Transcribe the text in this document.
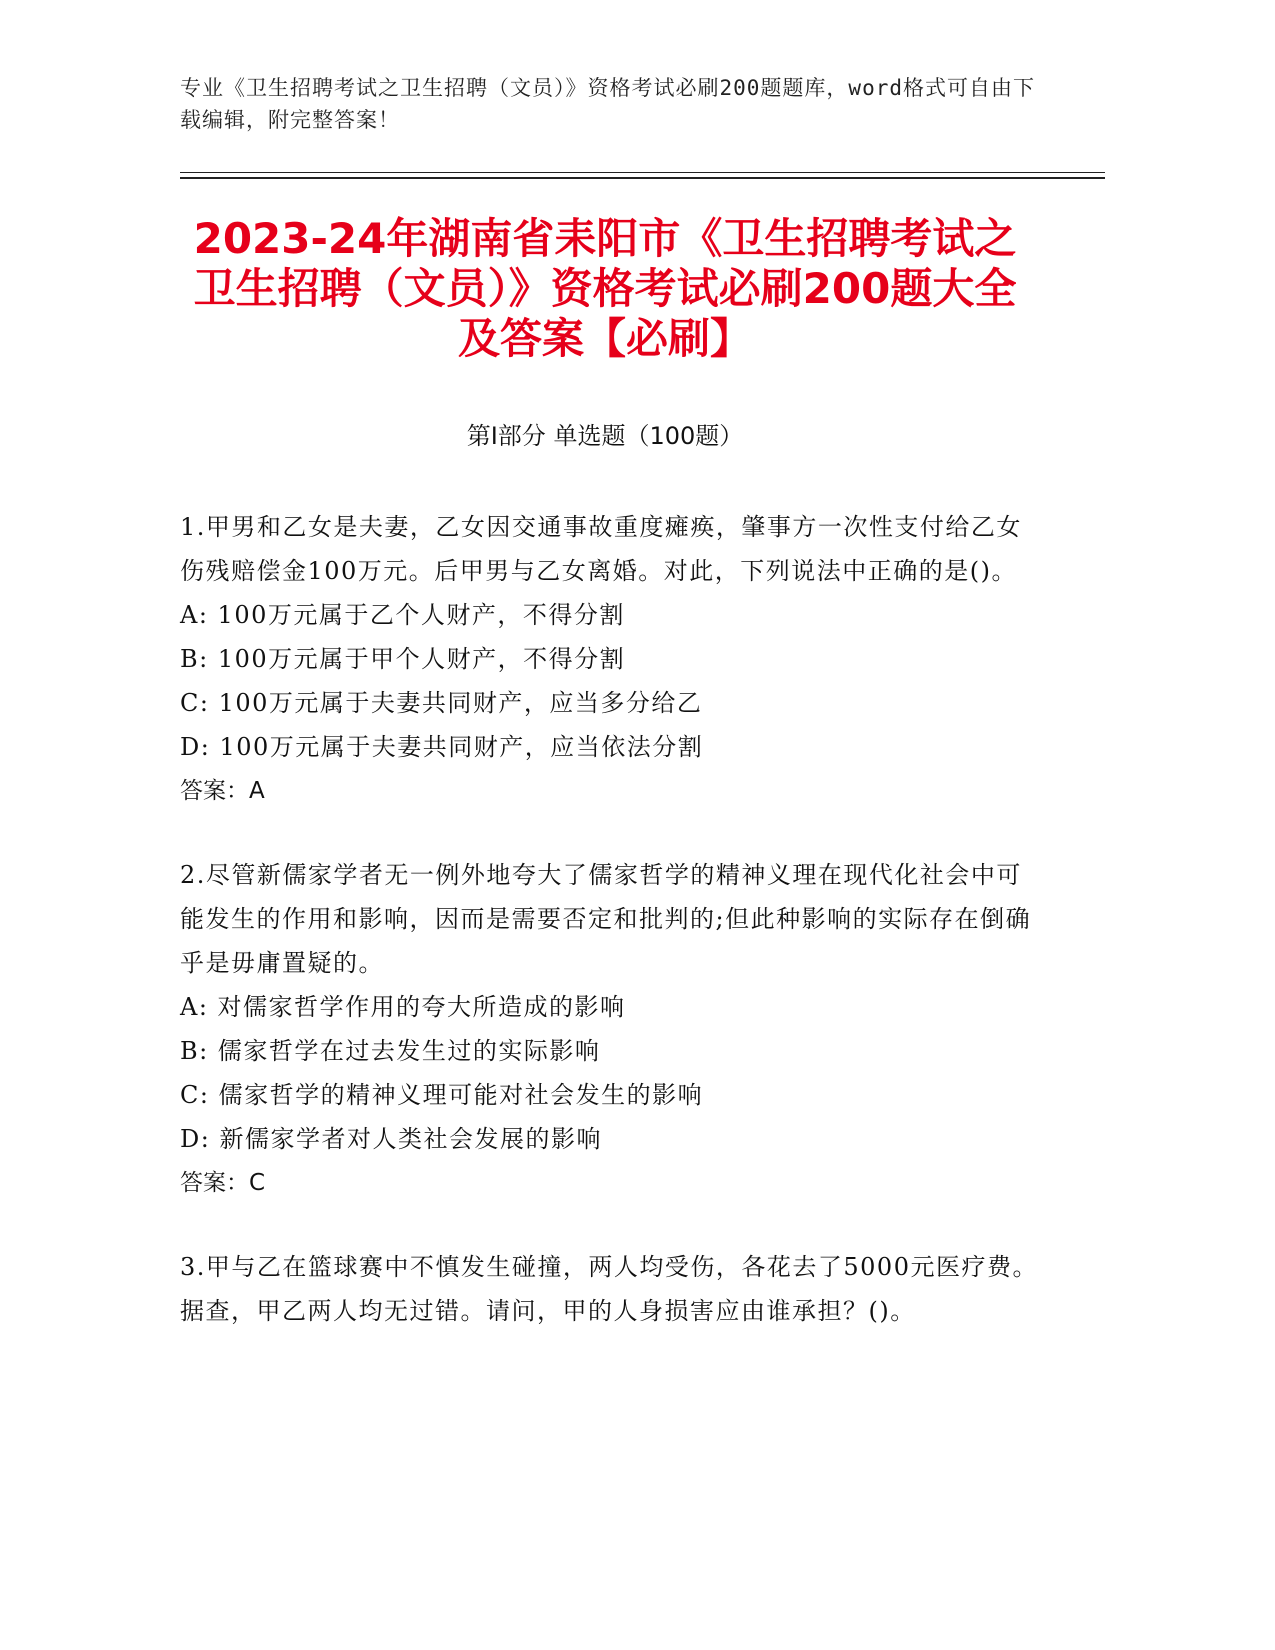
专业《卫生招聘考试之卫生招聘（文员）》资格考试必刷200题题库，word格式可自由下载编辑，附完整答案！
2023-24年湖南省耒阳市《卫生招聘考试之卫生招聘（文员）》资格考试必刷200题大全及答案【必刷】
第I部分 单选题（100题）
1.甲男和乙女是夫妻，乙女因交通事故重度瘫痪，肇事方一次性支付给乙女伤残赔偿金100万元。后甲男与乙女离婚。对此，下列说法中正确的是()。
A: 100万元属于乙个人财产，不得分割
B: 100万元属于甲个人财产，不得分割
C: 100万元属于夫妻共同财产，应当多分给乙
D: 100万元属于夫妻共同财产，应当依法分割
答案：A
2.尽管新儒家学者无一例外地夸大了儒家哲学的精神义理在现代化社会中可能发生的作用和影响，因而是需要否定和批判的;但此种影响的实际存在倒确乎是毋庸置疑的。
A: 对儒家哲学作用的夸大所造成的影响
B: 儒家哲学在过去发生过的实际影响
C: 儒家哲学的精神义理可能对社会发生的影响
D: 新儒家学者对人类社会发展的影响
答案：C
3.甲与乙在篮球赛中不慎发生碰撞，两人均受伤，各花去了5000元医疗费。据查，甲乙两人均无过错。请问，甲的人身损害应由谁承担？()。
